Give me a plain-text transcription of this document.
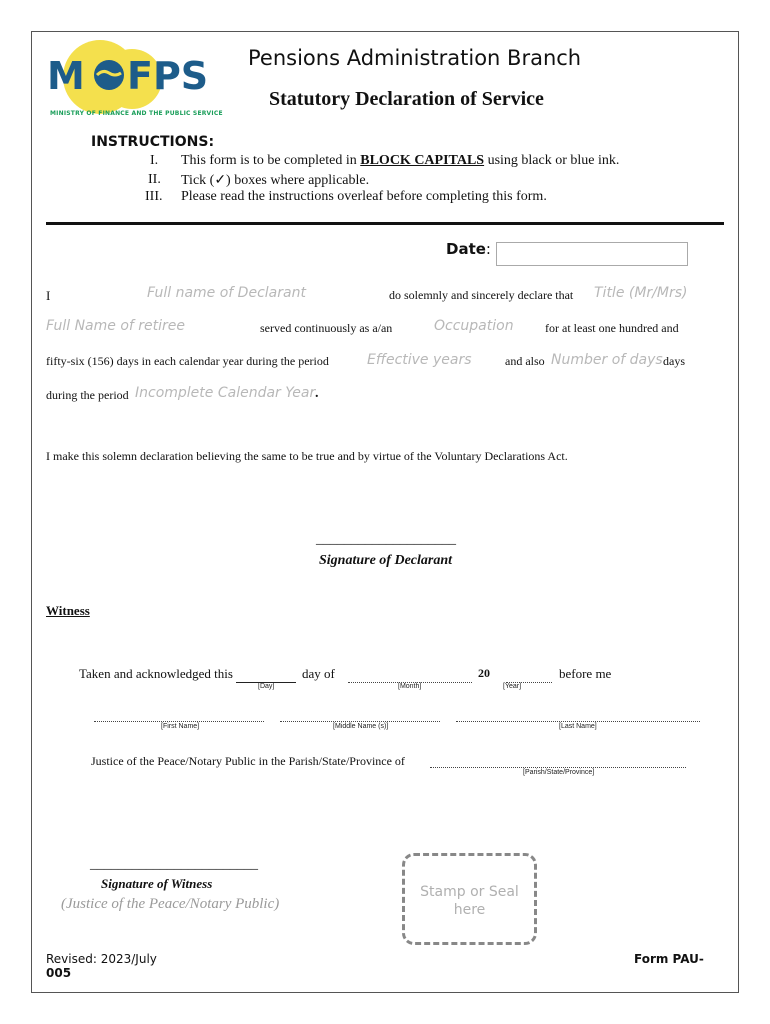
M FPS
MINISTRY OF FINANCE AND THE PUBLIC SERVICE
Pensions Administration Branch
Statutory Declaration of Service
INSTRUCTIONS:
I. This form is to be completed in BLOCK CAPITALS using black or blue ink.
II. Tick (✓) boxes where applicable.
III. Please read the instructions overleaf before completing this form.
Date:
I	Full name of Declarant	do solemnly and sincerely declare that Title (Mr/Mrs)
Full Name of retiree	served continuously as a/an	Occupation	for at least one hundred and
fifty-six (156) days in each calendar year during the period	Effective years	and also Number of days days
during the period Incomplete Calendar Year .
I make this solemn declaration believing the same to be true and by virtue of the Voluntary Declarations Act.
____________________
Signature of Declarant
Witness
Taken and acknowledged this
[Day]
day of
[Month]
20
[Year]
before me
[First Name]	[Middle Name (s)]	[Last Name]
Justice of the Peace/Notary Public in the Parish/State/Province of
[Parish/State/Province]
________________________
Signature of Witness
(Justice of the Peace/Notary Public)
Stamp or Seal
here
Revised: 2023/July
005
Form PAU-
